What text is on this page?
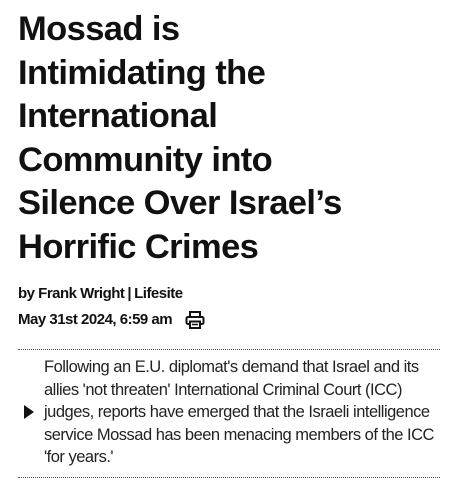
Mossad is
Intimidating the
International
Community into
Silence Over Israel’s
Horrific Crimes
by Frank Wright | Lifesite
May 31st 2024, 6:59 am
Following an E.U. diplomat's demand that Israel and its allies 'not threaten' International Criminal Court (ICC) judges, reports have emerged that the Israeli intelligence service Mossad has been menacing members of the ICC 'for years.'
